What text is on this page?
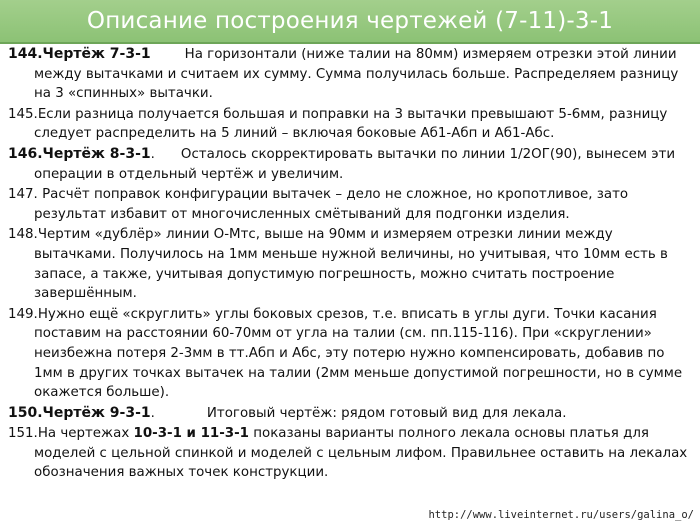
Описание построения чертежей (7-11)-3-1

144.Чертёж 7-3-1	На горизонтали (ниже талии на 80мм) измеряем отрезки этой линии между вытачками и считаем их сумму. Сумма получилась больше. Распределяем разницу на 3 «спинных» вытачки.

145.Если разница получается большая и поправки на 3 вытачки превышают 5-6мм, разницу следует распределить на 5 линий – включая боковые Аб1-Абп и Аб1-Абс.

146.Чертёж 8-3-1. Осталось скорректировать вытачки по линии 1/2ОГ(90), вынесем эти операции в отдельный чертёж и увеличим.

147. Расчёт поправок конфигурации вытачек – дело не сложное, но кропотливое, зато результат избавит от многочисленных смётываний для подгонки изделия.

148.Чертим «дублёр» линии О-Мтс, выше на 90мм и измеряем отрезки линии между вытачками. Получилось на 1мм меньше нужной величины, но учитывая, что 10мм есть в запасе, а также, учитывая допустимую погрешность, можно считать построение завершённым.

149.Нужно ещё «скруглить» углы боковых срезов, т.е. вписать в углы дуги. Точки касания поставим на расстоянии 60-70мм от угла на талии (см. пп.115-116). При «скруглении» неизбежна потеря 2-3мм в тт.Абп и Абс, эту потерю нужно компенсировать, добавив по 1мм в других точках вытачек на талии (2мм меньше допустимой погрешности, но в сумме окажется больше).

150.Чертёж 9-3-1.	Итоговый чертёж: рядом готовый вид для лекала.

151.На чертежах 10-3-1 и 11-3-1 показаны варианты полного лекала основы платья для моделей с цельной спинкой и моделей с цельным лифом. Правильнее оставить на лекалах обозначения важных точек конструкции.

http://www.liveinternet.ru/users/galina_o/
